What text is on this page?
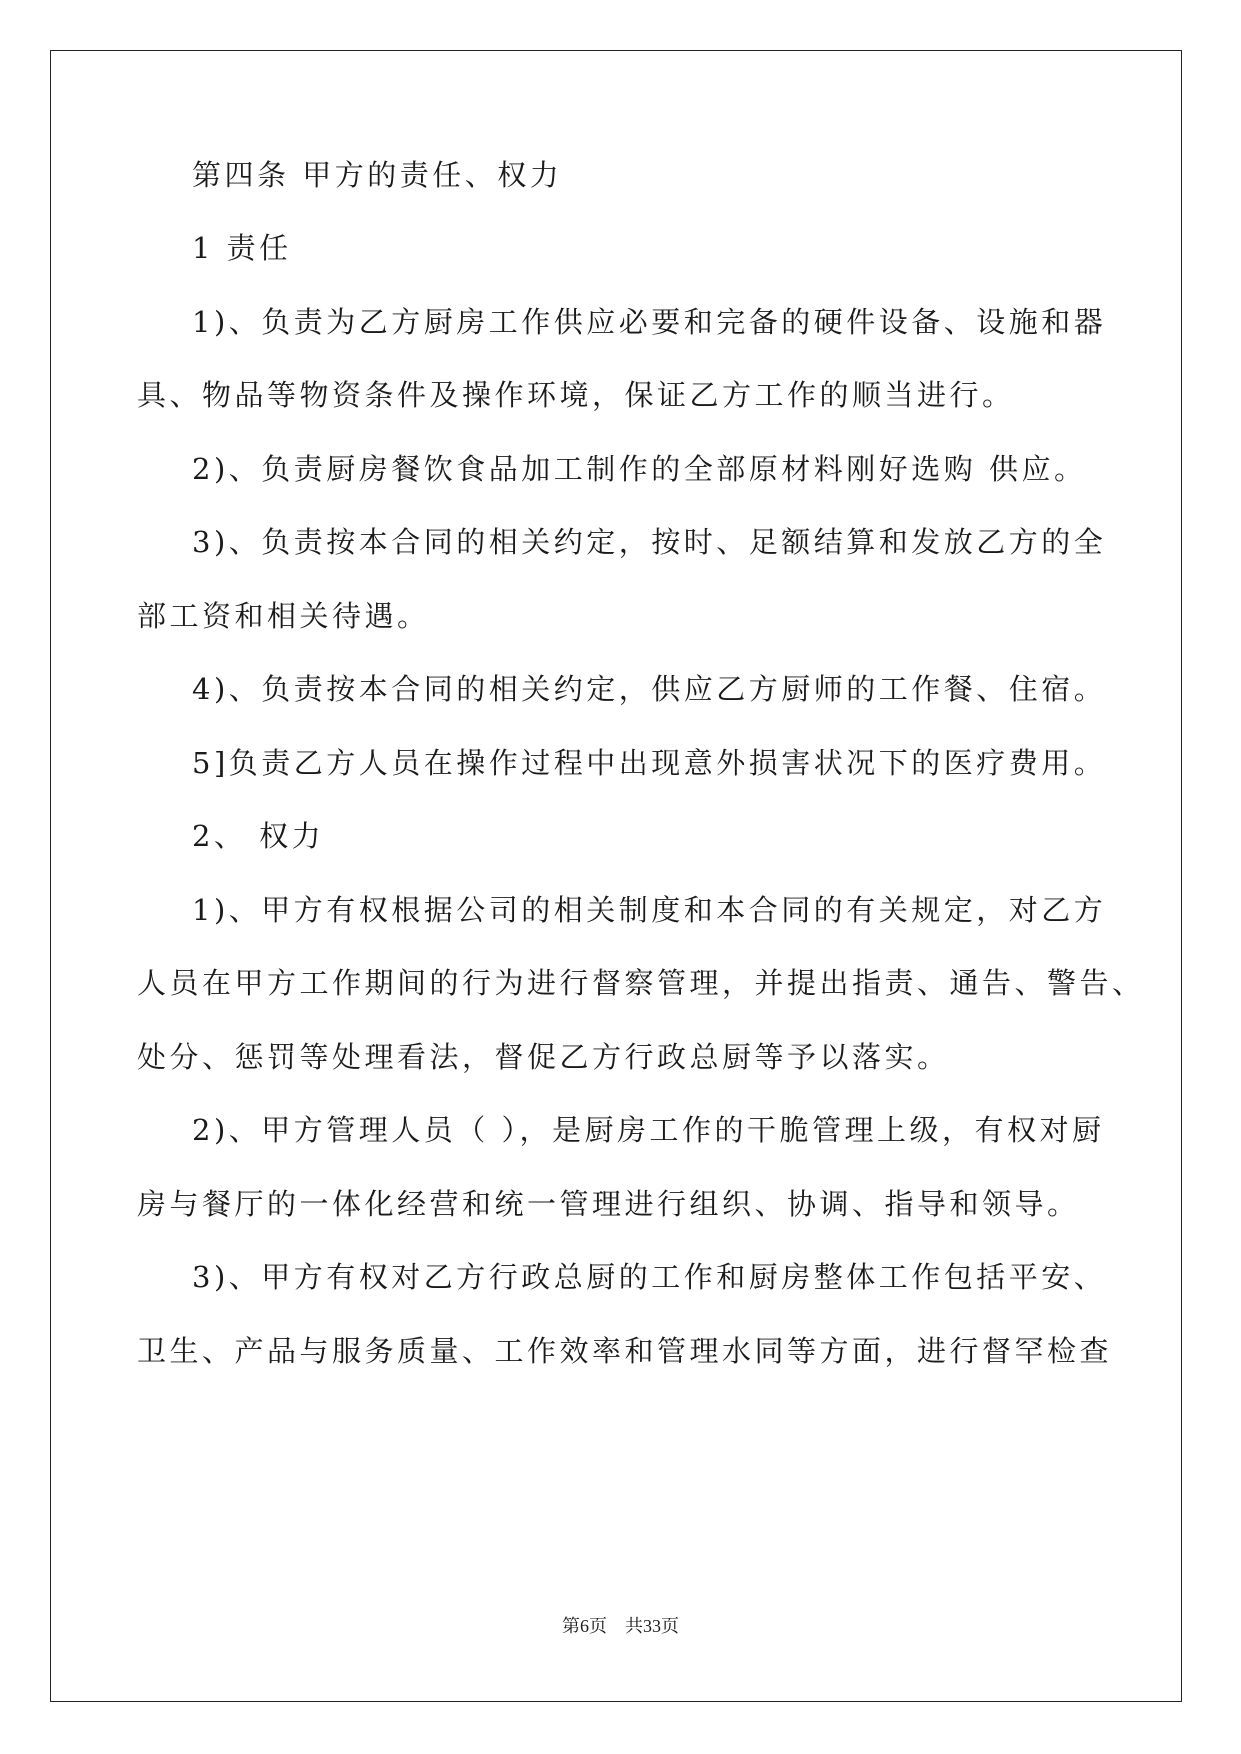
第四条 甲方的责任、权力
1 责任
1)、负责为乙方厨房工作供应必要和完备的硬件设备、设施和器
具、物品等物资条件及操作环境，保证乙方工作的顺当进行。
2)、负责厨房餐饮食品加工制作的全部原材料刚好选购 供应。
3)、负责按本合同的相关约定，按时、足额结算和发放乙方的全
部工资和相关待遇。
4)、负责按本合同的相关约定，供应乙方厨师的工作餐、住宿。
5]负责乙方人员在操作过程中出现意外损害状况下的医疗费用。
2、 权力
1)、甲方有权根据公司的相关制度和本合同的有关规定，对乙方
人员在甲方工作期间的行为进行督察管理，并提出指责、通告、警告、
处分、惩罚等处理看法，督促乙方行政总厨等予以落实。
2)、甲方管理人员（ ），是厨房工作的干脆管理上级，有权对厨
房与餐厅的一体化经营和统一管理进行组织、协调、指导和领导。
3)、甲方有权对乙方行政总厨的工作和厨房整体工作包括平安、
卫生、产品与服务质量、工作效率和管理水同等方面，进行督罕检查
第6页 共33页
